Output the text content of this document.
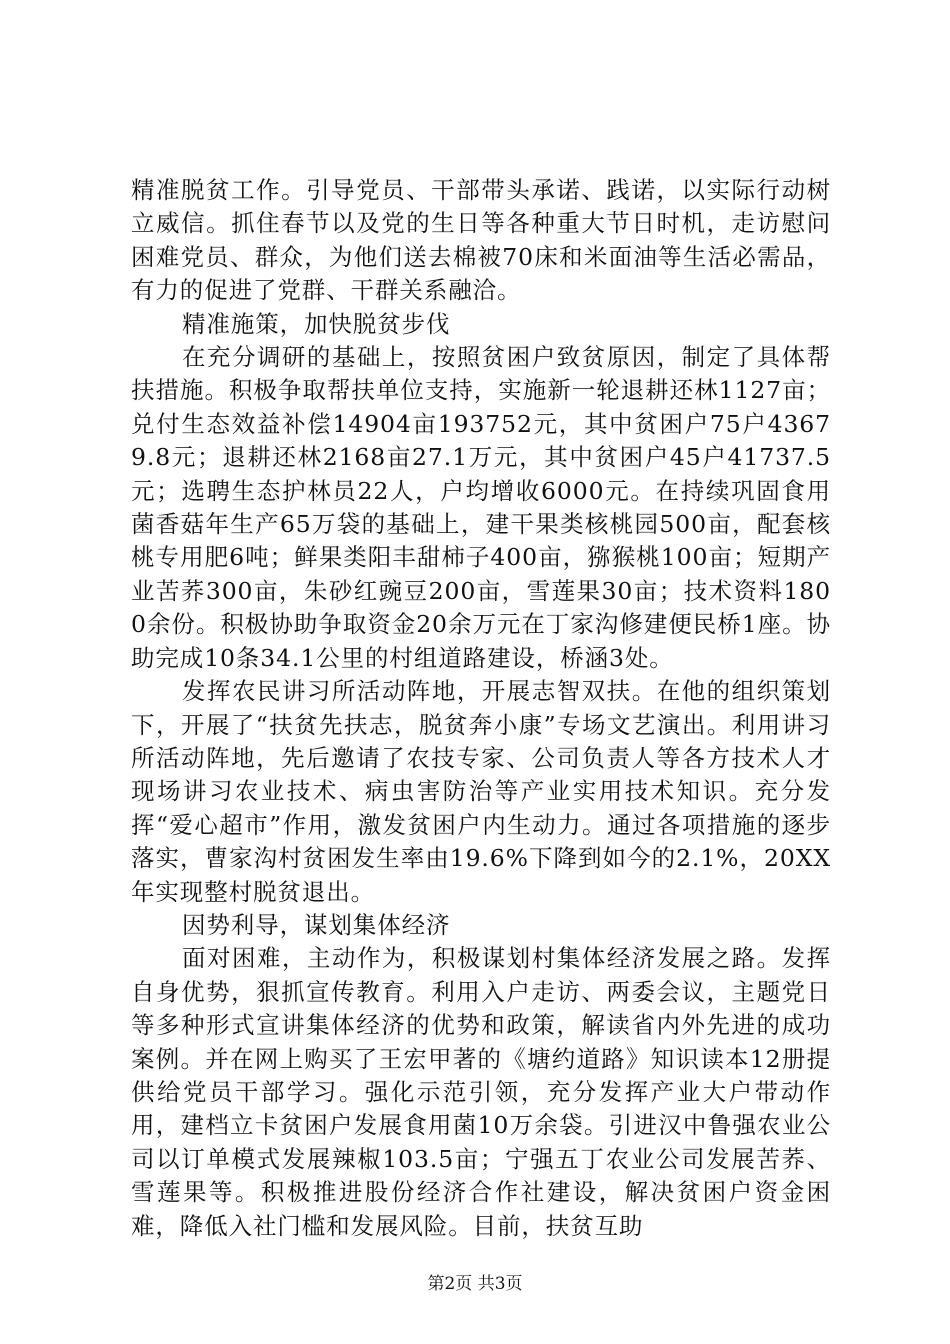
精准脱贫工作。引导党员、干部带头承诺、践诺，以实际行动树立威信。抓住春节以及党的生日等各种重大节日时机，走访慰问困难党员、群众，为他们送去棉被70床和米面油等生活必需品，有力的促进了党群、干群关系融洽。

精准施策，加快脱贫步伐

在充分调研的基础上，按照贫困户致贫原因，制定了具体帮扶措施。积极争取帮扶单位支持，实施新一轮退耕还林1127亩；兑付生态效益补偿14904亩193752元，其中贫困户75户43679.8元；退耕还林2168亩27.1万元，其中贫困户45户41737.5元；选聘生态护林员22人，户均增收6000元。在持续巩固食用菌香菇年生产65万袋的基础上，建干果类核桃园500亩，配套核桃专用肥6吨；鲜果类阳丰甜柿子400亩，猕猴桃100亩；短期产业苦荞300亩，朱砂红豌豆200亩，雪莲果30亩；技术资料1800余份。积极协助争取资金20余万元在丁家沟修建便民桥1座。协助完成10条34.1公里的村组道路建设，桥涵3处。

发挥农民讲习所活动阵地，开展志智双扶。在他的组织策划下，开展了“扶贫先扶志，脱贫奔小康”专场文艺演出。利用讲习所活动阵地，先后邀请了农技专家、公司负责人等各方技术人才现场讲习农业技术、病虫害防治等产业实用技术知识。充分发挥“爱心超市”作用，激发贫困户内生动力。通过各项措施的逐步落实，曹家沟村贫困发生率由19.6%下降到如今的2.1%，20XX年实现整村脱贫退出。

因势利导，谋划集体经济

面对困难，主动作为，积极谋划村集体经济发展之路。发挥自身优势，狠抓宣传教育。利用入户走访、两委会议，主题党日等多种形式宣讲集体经济的优势和政策，解读省内外先进的成功案例。并在网上购买了王宏甲著的《塘约道路》知识读本12册提供给党员干部学习。强化示范引领，充分发挥产业大户带动作用，建档立卡贫困户发展食用菌10万余袋。引进汉中鲁强农业公司以订单模式发展辣椒103.5亩；宁强五丁农业公司发展苦荞、雪莲果等。积极推进股份经济合作社建设，解决贫困户资金困难，降低入社门槛和发展风险。目前，扶贫互助

第2页 共3页
